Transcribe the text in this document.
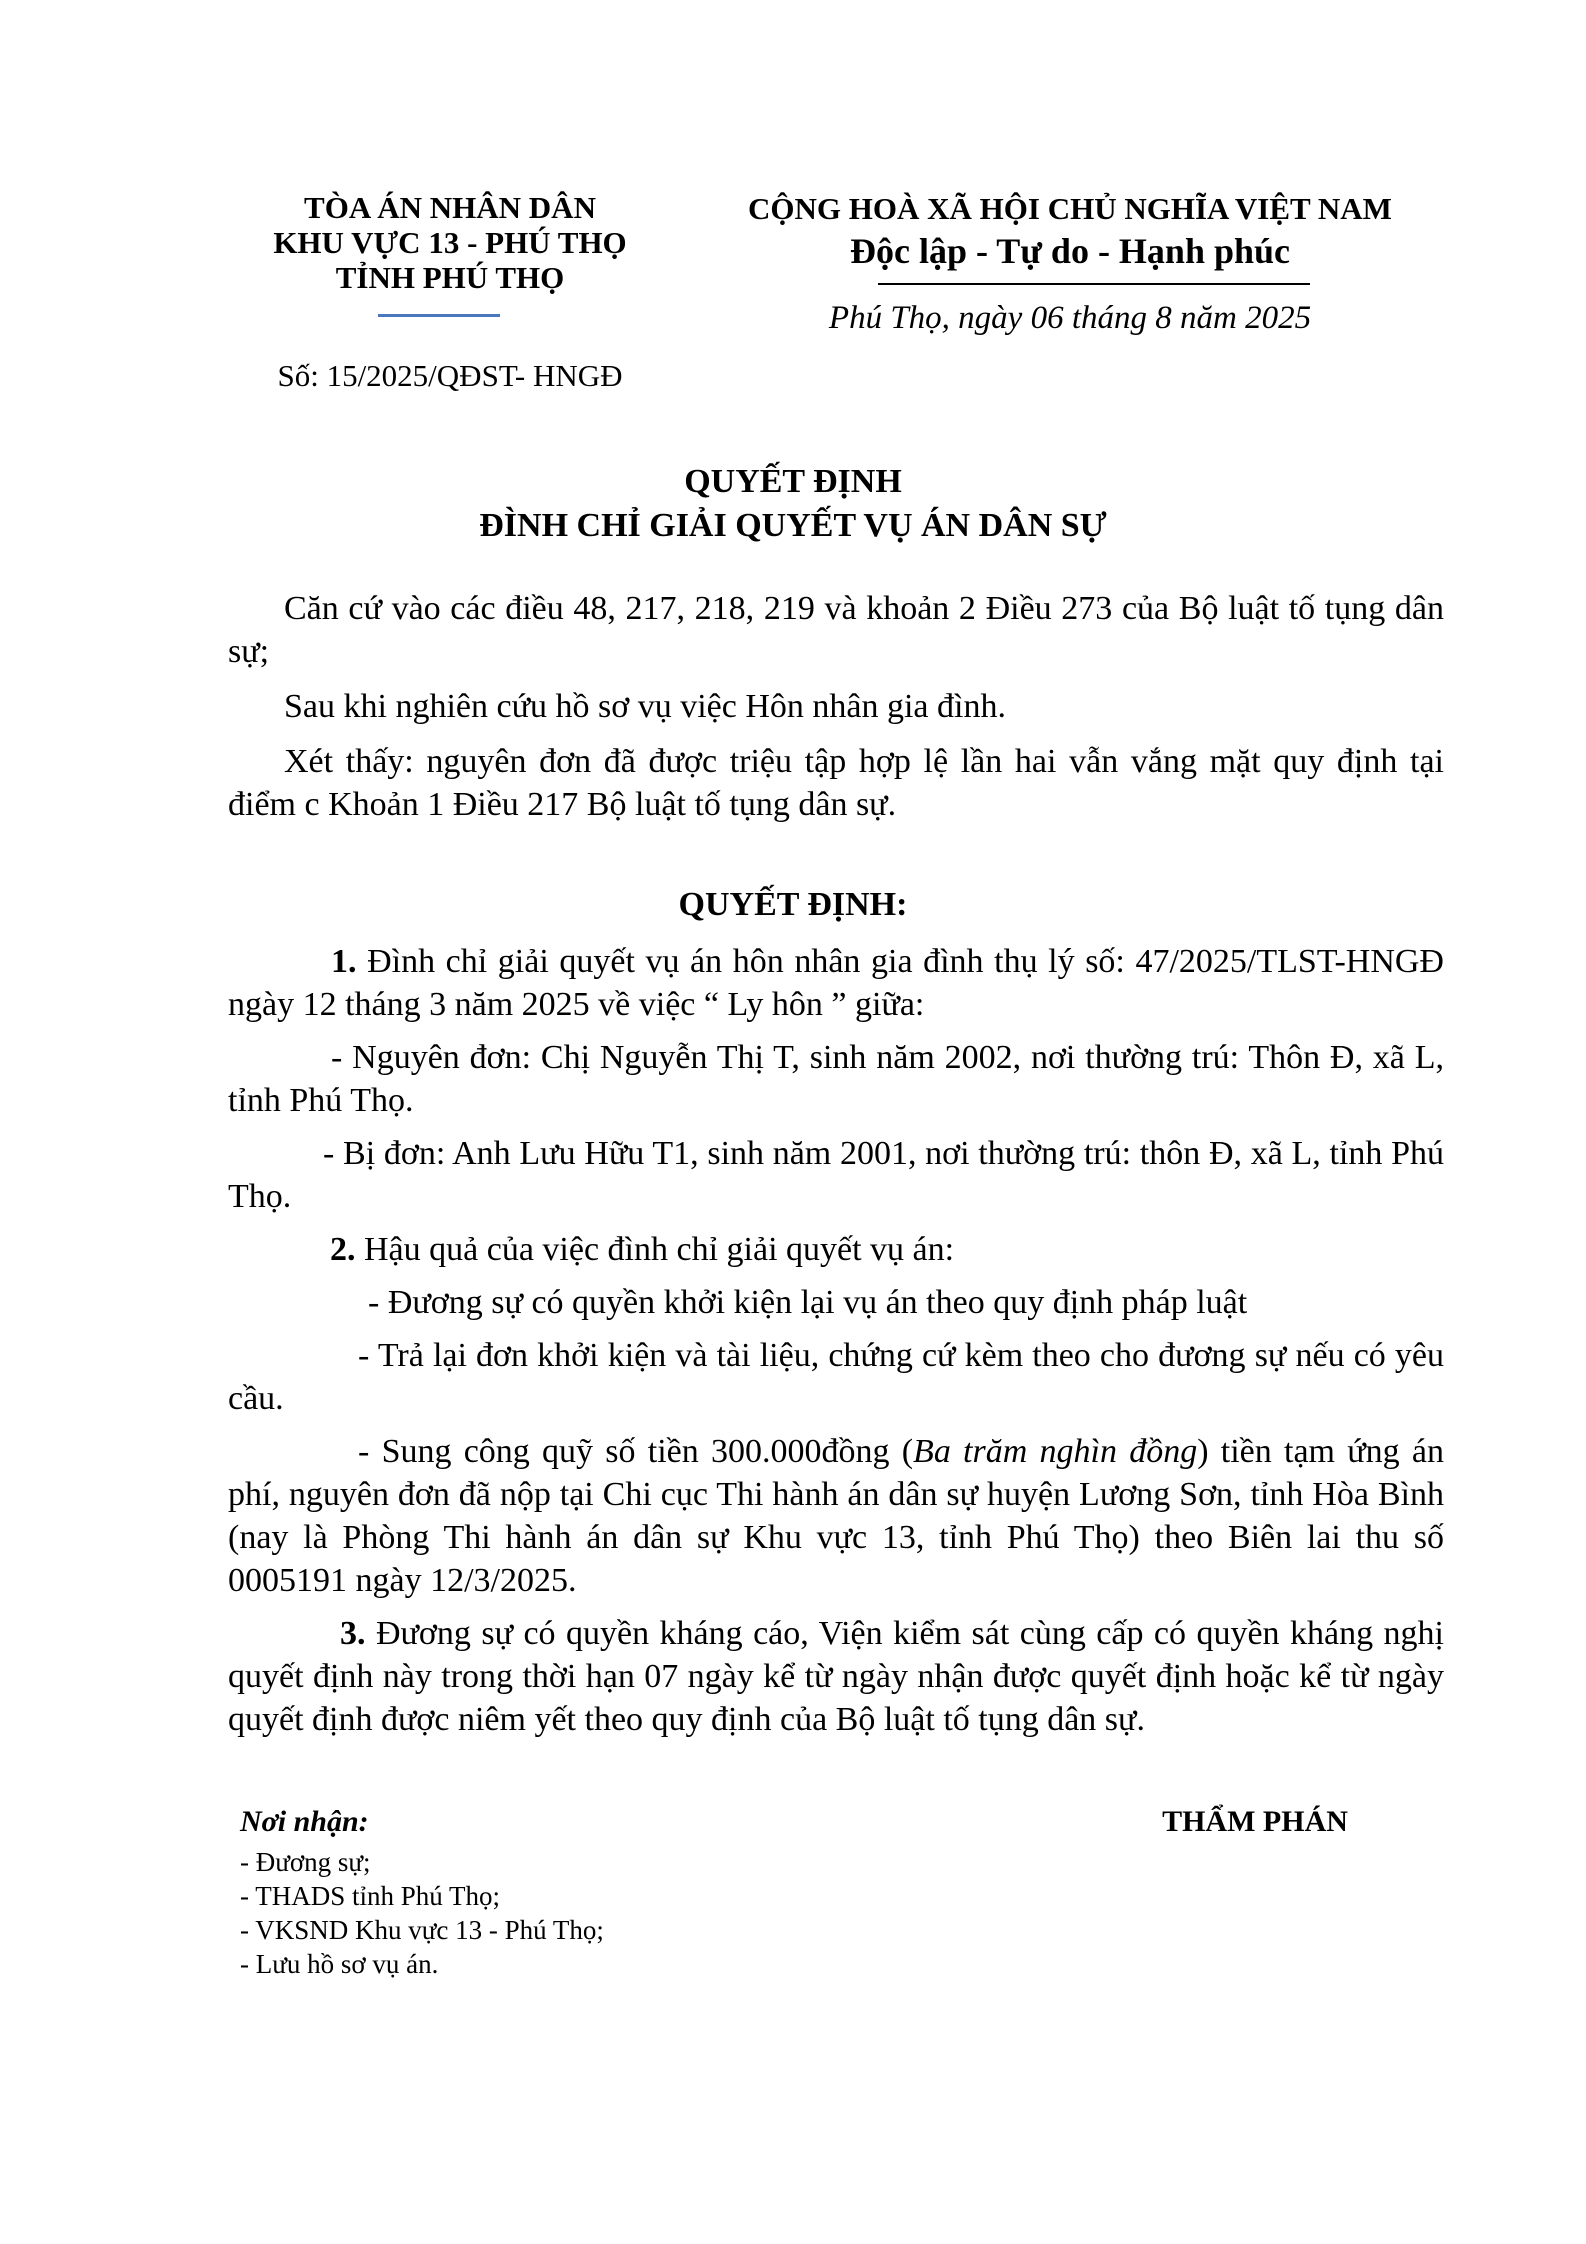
TÒA ÁN NHÂN DÂN
KHU VỰC 13 - PHÚ THỌ
TỈNH PHÚ THỌ
Số: 15/2025/QĐST- HNGĐ
CỘNG HOÀ XÃ HỘI CHỦ NGHĨA VIỆT NAM
Độc lập - Tự do - Hạnh phúc
Phú Thọ, ngày 06 tháng 8 năm 2025
QUYẾT ĐỊNH
ĐÌNH CHỈ GIẢI QUYẾT VỤ ÁN DÂN SỰ

Căn cứ vào các điều 48, 217, 218, 219 và khoản 2 Điều 273 của Bộ luật tố tụng dân sự;

Sau khi nghiên cứu hồ sơ vụ việc Hôn nhân gia đình.

Xét thấy: nguyên đơn đã được triệu tập hợp lệ lần hai vẫn vắng mặt quy định tại điểm c Khoản 1 Điều 217 Bộ luật tố tụng dân sự.

QUYẾT ĐỊNH:

1. Đình chỉ giải quyết vụ án hôn nhân gia đình thụ lý số: 47/2025/TLST-HNGĐ ngày 12 tháng 3 năm 2025 về việc “ Ly hôn ” giữa:

- Nguyên đơn: Chị Nguyễn Thị T, sinh năm 2002, nơi thường trú: Thôn Đ, xã L, tỉnh Phú Thọ.

- Bị đơn: Anh Lưu Hữu T1, sinh năm 2001, nơi thường trú: thôn Đ, xã L, tỉnh Phú Thọ.

2. Hậu quả của việc đình chỉ giải quyết vụ án:

- Đương sự có quyền khởi kiện lại vụ án theo quy định pháp luật

- Trả lại đơn khởi kiện và tài liệu, chứng cứ kèm theo cho đương sự nếu có yêu cầu.

- Sung công quỹ số tiền 300.000đồng (Ba trăm nghìn đồng) tiền tạm ứng án phí, nguyên đơn đã nộp tại Chi cục Thi hành án dân sự huyện Lương Sơn, tỉnh Hòa Bình (nay là Phòng Thi hành án dân sự Khu vực 13, tỉnh Phú Thọ) theo Biên lai thu số 0005191 ngày 12/3/2025.

3. Đương sự có quyền kháng cáo, Viện kiểm sát cùng cấp có quyền kháng nghị quyết định này trong thời hạn 07 ngày kể từ ngày nhận được quyết định hoặc kể từ ngày quyết định được niêm yết theo quy định của Bộ luật tố tụng dân sự.

Nơi nhận:
- Đương sự;
- THADS tỉnh Phú Thọ;
- VKSND Khu vực 13 - Phú Thọ;
- Lưu hồ sơ vụ án.
THẨM PHÁN
